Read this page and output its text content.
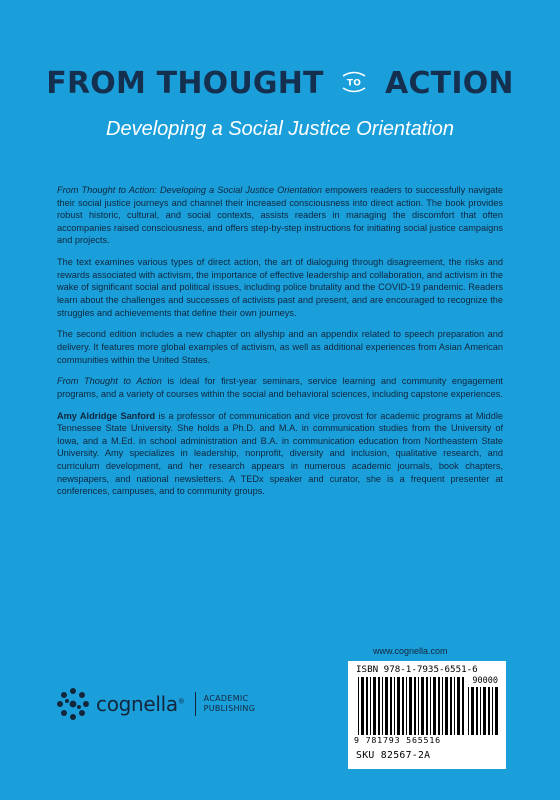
FROM THOUGHT	TO ACTION
Developing a Social Justice Orientation

From Thought to Action: Developing a Social Justice Orientation empowers readers to successfully navigate their social justice journeys and channel their increased consciousness into direct action. The book provides robust historic, cultural, and social contexts, assists readers in managing the discomfort that often accompanies raised consciousness, and offers step-by-step instructions for initiating social justice campaigns and projects.

The text examines various types of direct action, the art of dialoguing through disagreement, the risks and rewards associated with activism, the importance of effective leadership and collaboration, and activism in the wake of significant social and political issues, including police brutality and the COVID-19 pandemic. Readers learn about the challenges and successes of activists past and present, and are encouraged to recognize the struggles and achievements that define their own journeys.

The second edition includes a new chapter on allyship and an appendix related to speech preparation and delivery. It features more global examples of activism, as well as additional experiences from Asian American communities within the United States.

From Thought to Action is ideal for first-year seminars, service learning and community engagement programs, and a variety of courses within the social and behavioral sciences, including capstone experiences.

Amy Aldridge Sanford is a professor of communication and vice provost for academic programs at Middle Tennessee State University. She holds a Ph.D. and M.A. in communication studies from the University of Iowa, and a M.Ed. in school administration and B.A. in communication education from Northeastern State University. Amy specializes in leadership, nonprofit, diversity and inclusion, qualitative research, and curriculum development, and her research appears in numerous academic journals, book chapters, newspapers, and national newsletters. A TEDx speaker and curator, she is a frequent presenter at conferences, campuses, and to community groups.

cognella® ACADEMIC
PUBLISHING
www.cognella.com
ISBN 978-1-7935-6551-6
90000
9 781793 565516
SKU 82567-2A
